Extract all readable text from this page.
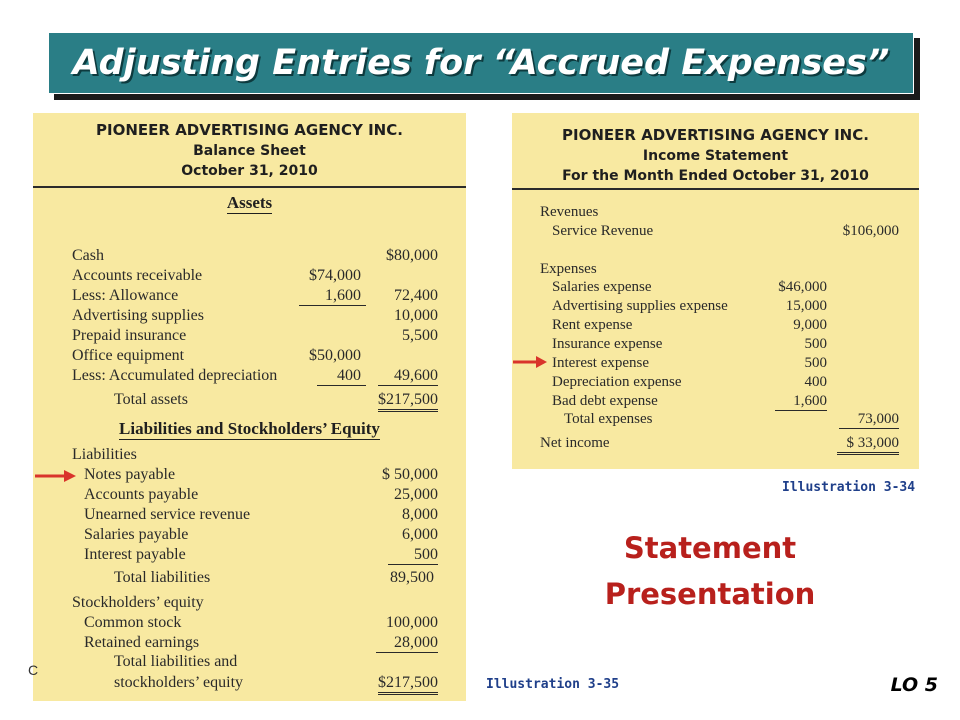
Adjusting Entries for “Accrued Expenses”
PIONEER ADVERTISING AGENCY INC.
Balance Sheet
October 31, 2010
Assets
Cash	$80,000
Accounts receivable	$74,000
Less: Allowance	1,600	72,400
Advertising supplies	10,000
Prepaid insurance	5,500
Office equipment	$50,000
Less: Accumulated depreciation	400	49,600
Total assets	$217,500
Liabilities and Stockholders’ Equity
Liabilities
Notes payable	$ 50,000
Accounts payable	25,000
Unearned service revenue	8,000
Salaries payable	6,000
Interest payable	500
Total liabilities	89,500
Stockholders’ equity
Common stock	100,000
Retained earnings	28,000
Total liabilities and
stockholders’ equity	$217,500
PIONEER ADVERTISING AGENCY INC.
Income Statement
For the Month Ended October 31, 2010
Revenues
Service Revenue	$106,000
Expenses
Salaries expense	$46,000
Advertising supplies expense	15,000
Rent expense	9,000
Insurance expense	500
Interest expense	500
Depreciation expense	400
Bad debt expense	1,600
Total expenses	73,000
Net income	$ 33,000
Illustration 3-34
Illustration 3-35
Statement
Presentation
LO 5
C
